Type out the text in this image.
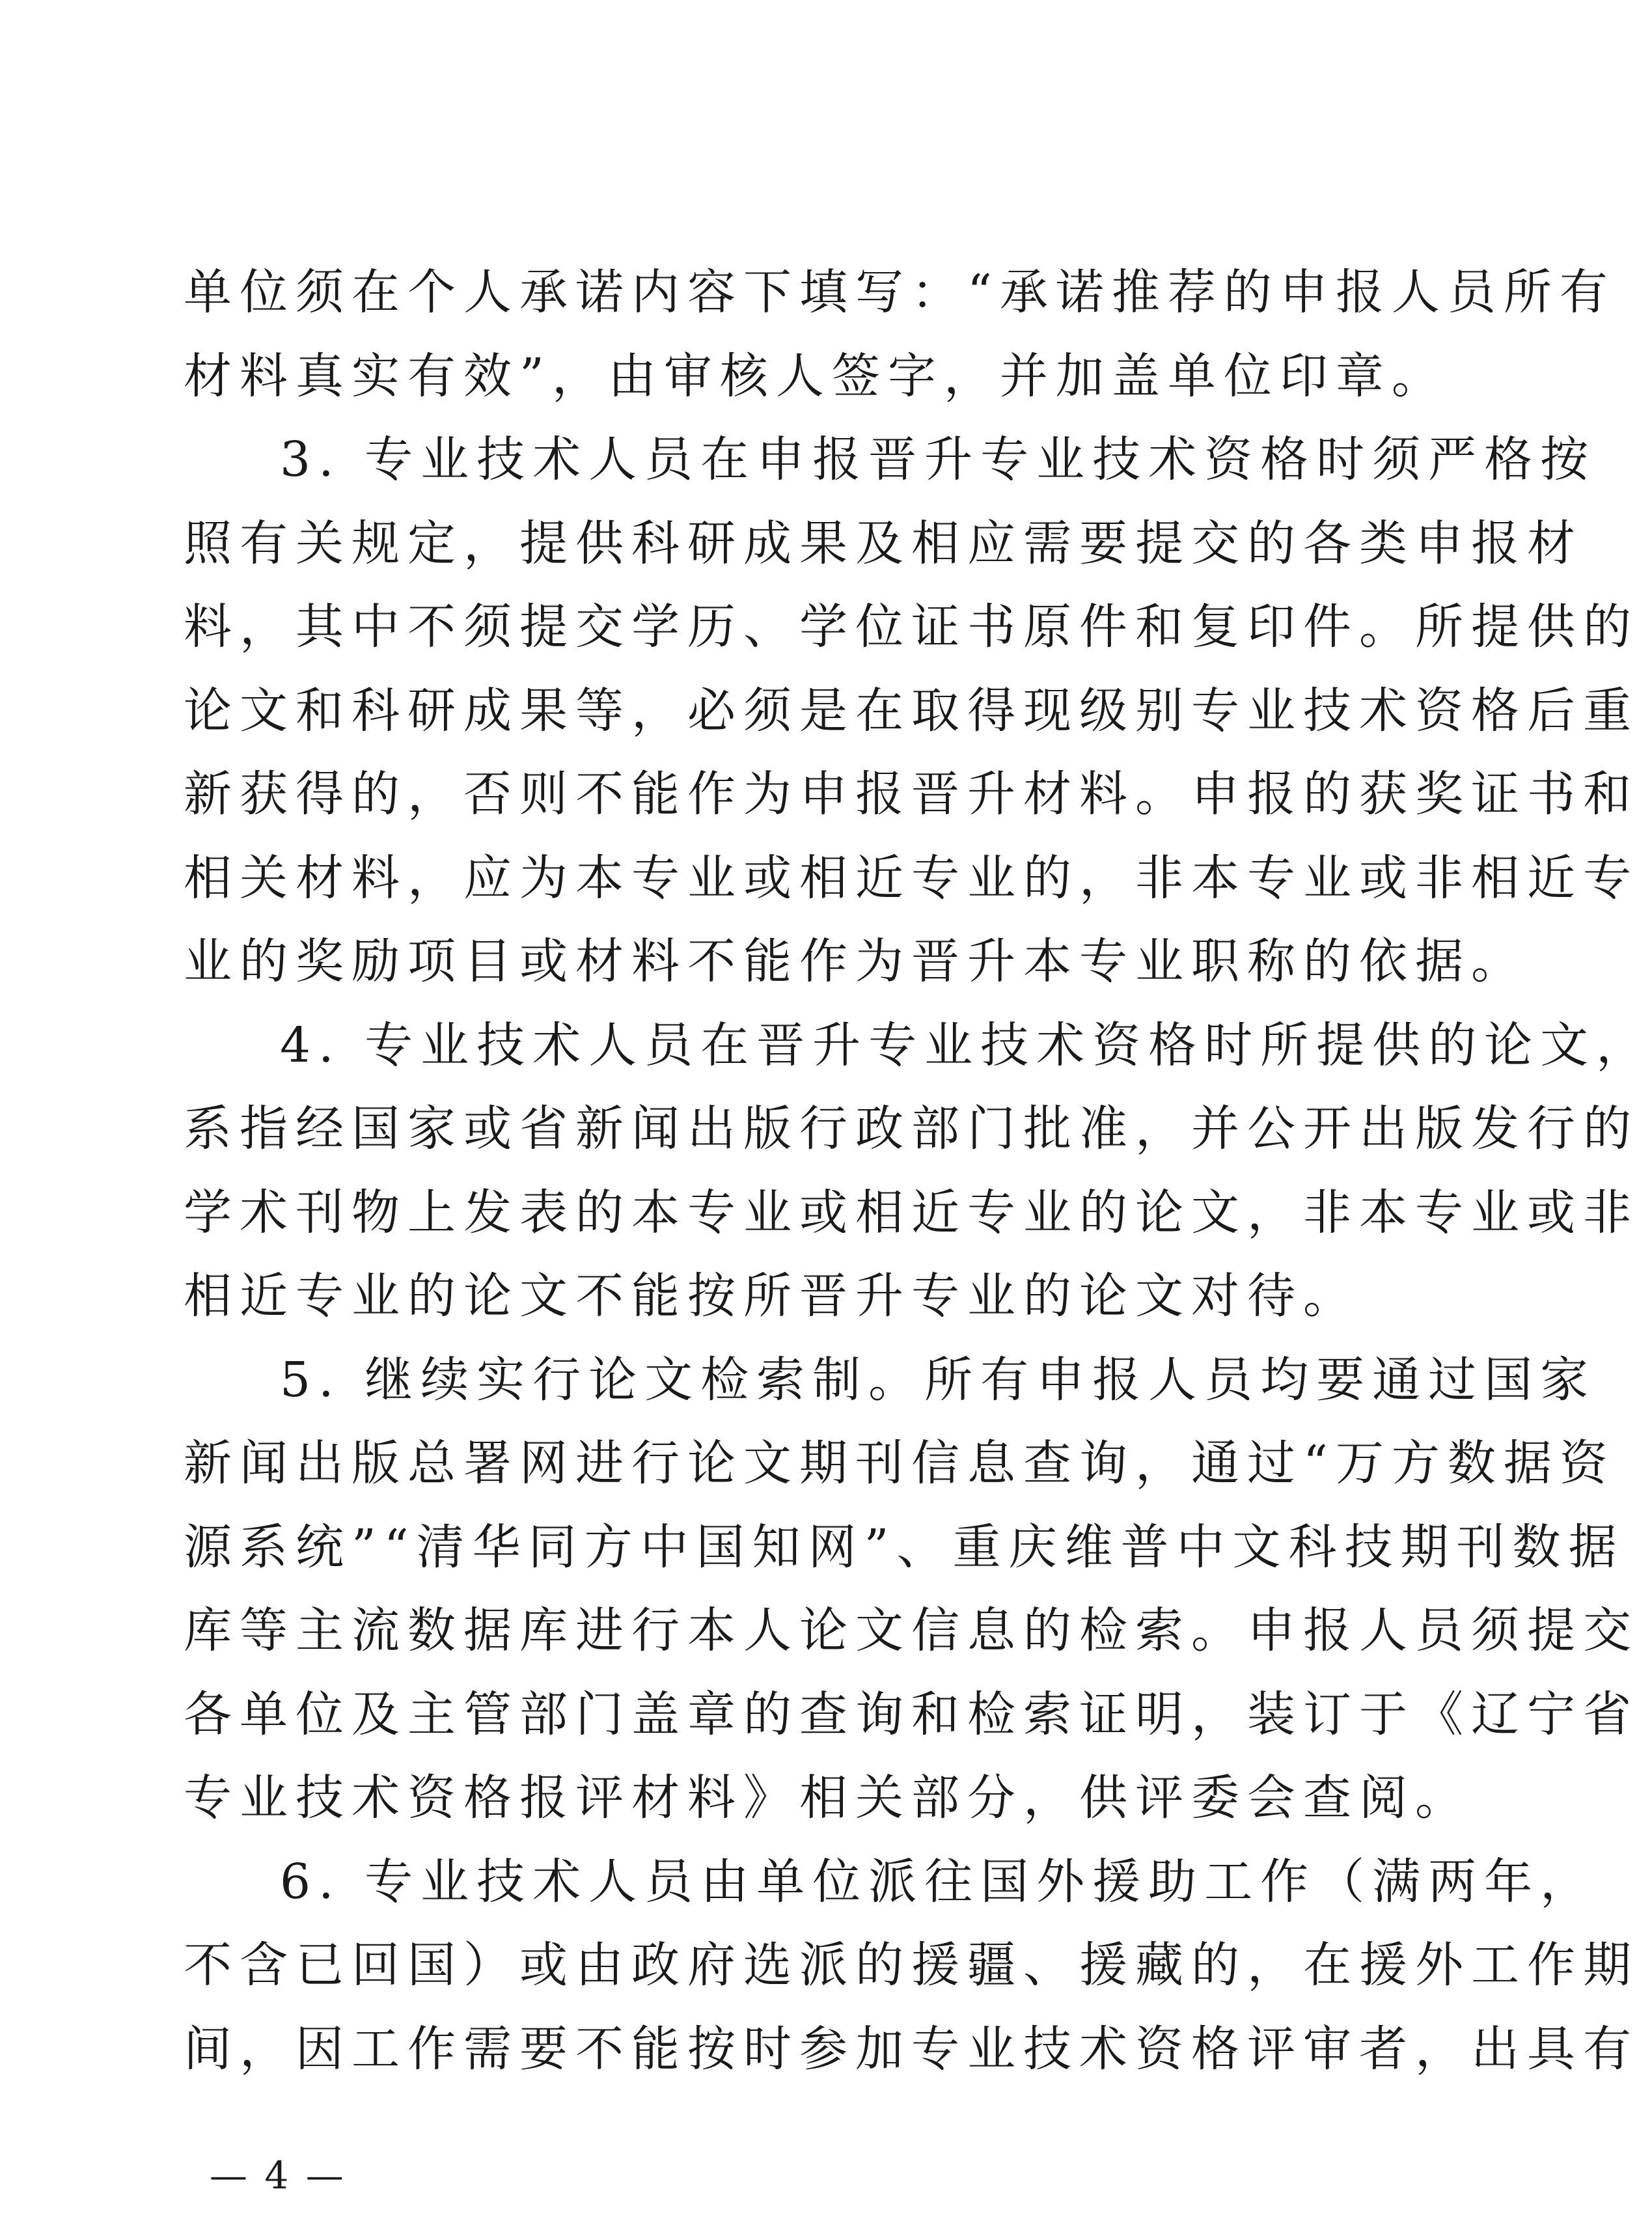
单位须在个人承诺内容下填写：“承诺推荐的申报人员所有
材料真实有效”，由审核人签字，并加盖单位印章。
3. 专业技术人员在申报晋升专业技术资格时须严格按
照有关规定，提供科研成果及相应需要提交的各类申报材
料，其中不须提交学历、学位证书原件和复印件。所提供的
论文和科研成果等，必须是在取得现级别专业技术资格后重
新获得的，否则不能作为申报晋升材料。申报的获奖证书和
相关材料，应为本专业或相近专业的，非本专业或非相近专
业的奖励项目或材料不能作为晋升本专业职称的依据。
4. 专业技术人员在晋升专业技术资格时所提供的论文，
系指经国家或省新闻出版行政部门批准，并公开出版发行的
学术刊物上发表的本专业或相近专业的论文，非本专业或非
相近专业的论文不能按所晋升专业的论文对待。
5. 继续实行论文检索制。所有申报人员均要通过国家
新闻出版总署网进行论文期刊信息查询，通过“万方数据资
源系统”“清华同方中国知网”、重庆维普中文科技期刊数据
库等主流数据库进行本人论文信息的检索。申报人员须提交
各单位及主管部门盖章的查询和检索证明，装订于《辽宁省
专业技术资格报评材料》相关部分，供评委会查阅。
6. 专业技术人员由单位派往国外援助工作（满两年，
不含已回国）或由政府选派的援疆、援藏的，在援外工作期
间，因工作需要不能按时参加专业技术资格评审者，出具有
— 4 —
